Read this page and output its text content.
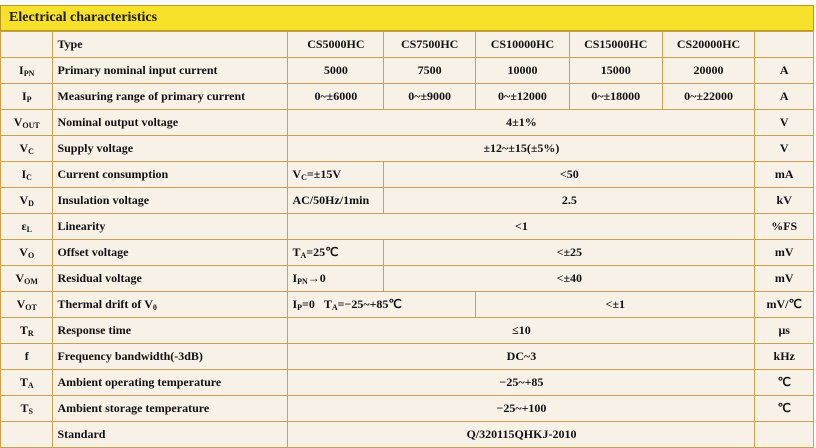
Electrical characteristics
	Type	CS5000HC	CS7500HC	CS10000HC	CS15000HC	CS20000HC	
$I_{PN}$	Primary nominal input current	5000	7500	10000	15000	20000	A
$I_P$	Measuring range of primary current	0~±6000	0~±9000	0~±12000	0~±18000	0~±22000	A
$V_{OUT}$	Nominal output voltage	4±1%					V
$V_C$	Supply voltage	±12~±15(±5%)					V
$I_C$	Current consumption	$V_C=\pm 15V$	<50				mA
$V_D$	Insulation voltage	AC/50Hz/1min	2.5				kV
$\varepsilon_L$	Linearity	<1					%FS
$V_O$	Offset voltage	$T_A=25℃$	<±25				mV
$V_{OM}$	Residual voltage	$I_{PN}\to 0$	<±40				mV
$V_{OT}$	Thermal drift of $V_0$	$I_P=0$ $T_A=-25\sim+85℃$		<±1			mV/℃
$T_R$	Response time	≤10					μs
f	Frequency bandwidth(-3dB)	DC~3					kHz
$T_A$	Ambient operating temperature	−25~+85					℃
$T_S$	Ambient storage temperature	−25~+100					℃
	Standard	Q/320115QHKJ-2010					
